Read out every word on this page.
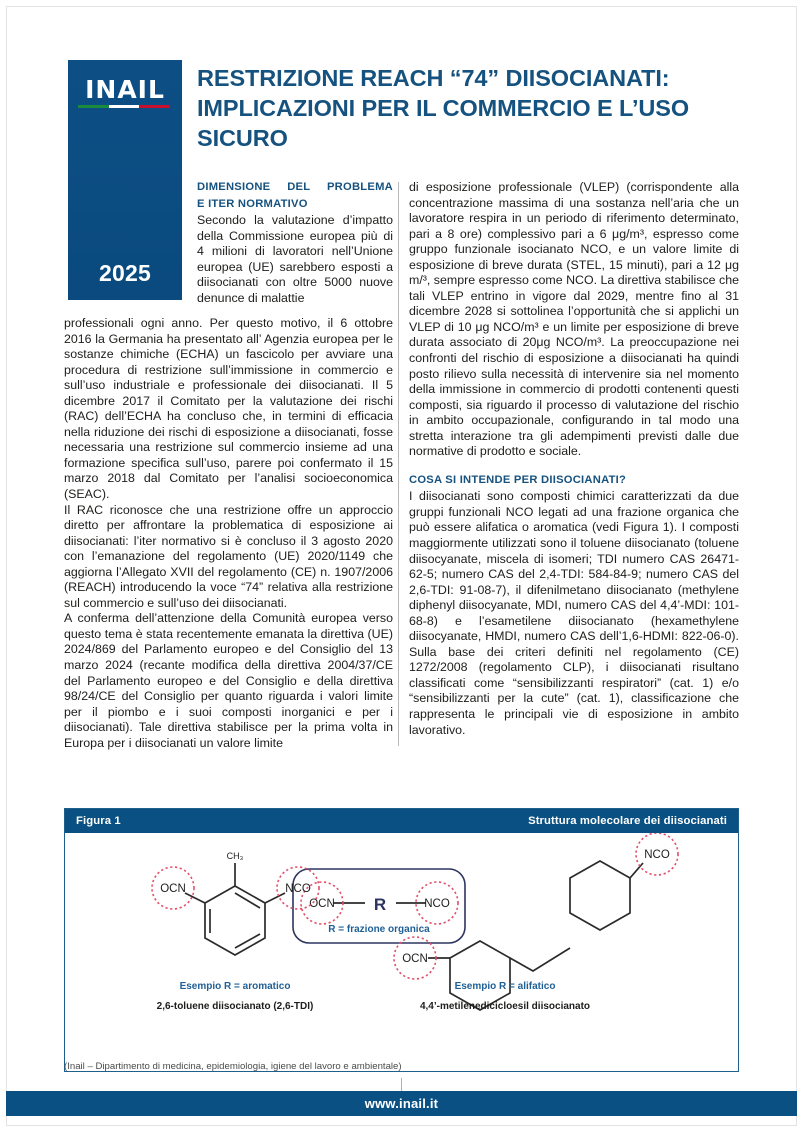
INAIL
2025
RESTRIZIONE REACH “74” DIISOCIANATI: IMPLICAZIONI PER IL COMMERCIO E L’USO SICURO
DIMENSIONE DEL PROBLEMA
E ITER NORMATIVO

Secondo la valutazione d’impatto della Commissione europea più di 4 milioni di lavoratori nell’Unione europea (UE) sarebbero esposti a diisocianati con oltre 5000 nuove denunce di malattie

professionali ogni anno. Per questo motivo, il 6 ottobre 2016 la Germania ha presentato all’ Agenzia europea per le sostanze chimiche (ECHA) un fascicolo per avviare una procedura di restrizione sull’immissione in commercio e sull’uso industriale e professionale dei diisocianati. Il 5 dicembre 2017 il Comitato per la valutazione dei rischi (RAC) dell’ECHA ha concluso che, in termini di efficacia nella riduzione dei rischi di esposizione a diisocianati, fosse necessaria una restrizione sul commercio insieme ad una formazione specifica sull’uso, parere poi confermato il 15 marzo 2018 dal Comitato per l’analisi socioeconomica (SEAC).

Il RAC riconosce che una restrizione offre un approccio diretto per affrontare la problematica di esposizione ai diisocianati: l’iter normativo si è concluso il 3 agosto 2020 con l’emanazione del regolamento (UE) 2020/1149 che aggiorna l’Allegato XVII del regolamento (CE) n. 1907/2006 (REACH) introducendo la voce “74” relativa alla restrizione sul commercio e sull’uso dei diisocianati.

A conferma dell’attenzione della Comunità europea verso questo tema è stata recentemente emanata la direttiva (UE) 2024/869 del Parlamento europeo e del Consiglio del 13 marzo 2024 (recante modifica della direttiva 2004/37/CE del Parlamento europeo e del Consiglio e della direttiva 98/24/CE del Consiglio per quanto riguarda i valori limite per il piombo e i suoi composti inorganici e per i diisocianati). Tale direttiva stabilisce per la prima volta in Europa per i diisocianati un valore limite

di esposizione professionale (VLEP) (corrispondente alla concentrazione massima di una sostanza nell’aria che un lavoratore respira in un periodo di riferimento determinato, pari a 8 ore) complessivo pari a 6 μg/m³, espresso come gruppo funzionale isocianato NCO, e un valore limite di esposizione di breve durata (STEL, 15 minuti), pari a 12 μg m/³, sempre espresso come NCO. La direttiva stabilisce che tali VLEP entrino in vigore dal 2029, mentre fino al 31 dicembre 2028 si sottolinea l’opportunità che si applichi un VLEP di 10 μg NCO/m³ e un limite per esposizione di breve durata associato di 20μg NCO/m³. La preoccupazione nei confronti del rischio di esposizione a diisocianati ha quindi posto rilievo sulla necessità di intervenire sia nel momento della immissione in commercio di prodotti contenenti questi composti, sia riguardo il processo di valutazione del rischio in ambito occupazionale, configurando in tal modo una stretta interazione tra gli adempimenti previsti dalle due normative di prodotto e sociale.

COSA SI INTENDE PER DIISOCIANATI?

I diisocianati sono composti chimici caratterizzati da due gruppi funzionali NCO legati ad una frazione organica che può essere alifatica o aromatica (vedi Figura 1). I composti maggiormente utilizzati sono il toluene diisocianato (toluene diisocyanate, miscela di isomeri; TDI numero CAS 26471-62-5; numero CAS del 2,4-TDI: 584-84-9; numero CAS del 2,6-TDI: 91-08-7), il difenilmetano diisocianato (methylene diphenyl diisocyanate, MDI, numero CAS del 4,4’-MDI: 101-68-8) e l’esametilene diisocianato (hexamethylene diisocyanate, HMDI, numero CAS dell’1,6-HDMI: 822-06-0). Sulla base dei criteri definiti nel regolamento (CE) 1272/2008 (regolamento CLP), i diisocianati risultano classificati come “sensibilizzanti respiratori” (cat. 1) e/o “sensibilizzanti per la cute” (cat. 1), classificazione che rappresenta le principali vie di esposizione in ambito lavorativo.

Figura 1	Struttura molecolare dei diisocianati
OCN R	NCO
R = frazione organica
CH₃
OCN	NCO
Esempio R = aromatico
2,6-toluene diisocianato (2,6-TDI)
OCN
NCO
Esempio R = alifatico
4,4’-metilenedicicloesil diisocianato
(Inail – Dipartimento di medicina, epidemiologia, igiene del lavoro e ambientale)
www.inail.it
